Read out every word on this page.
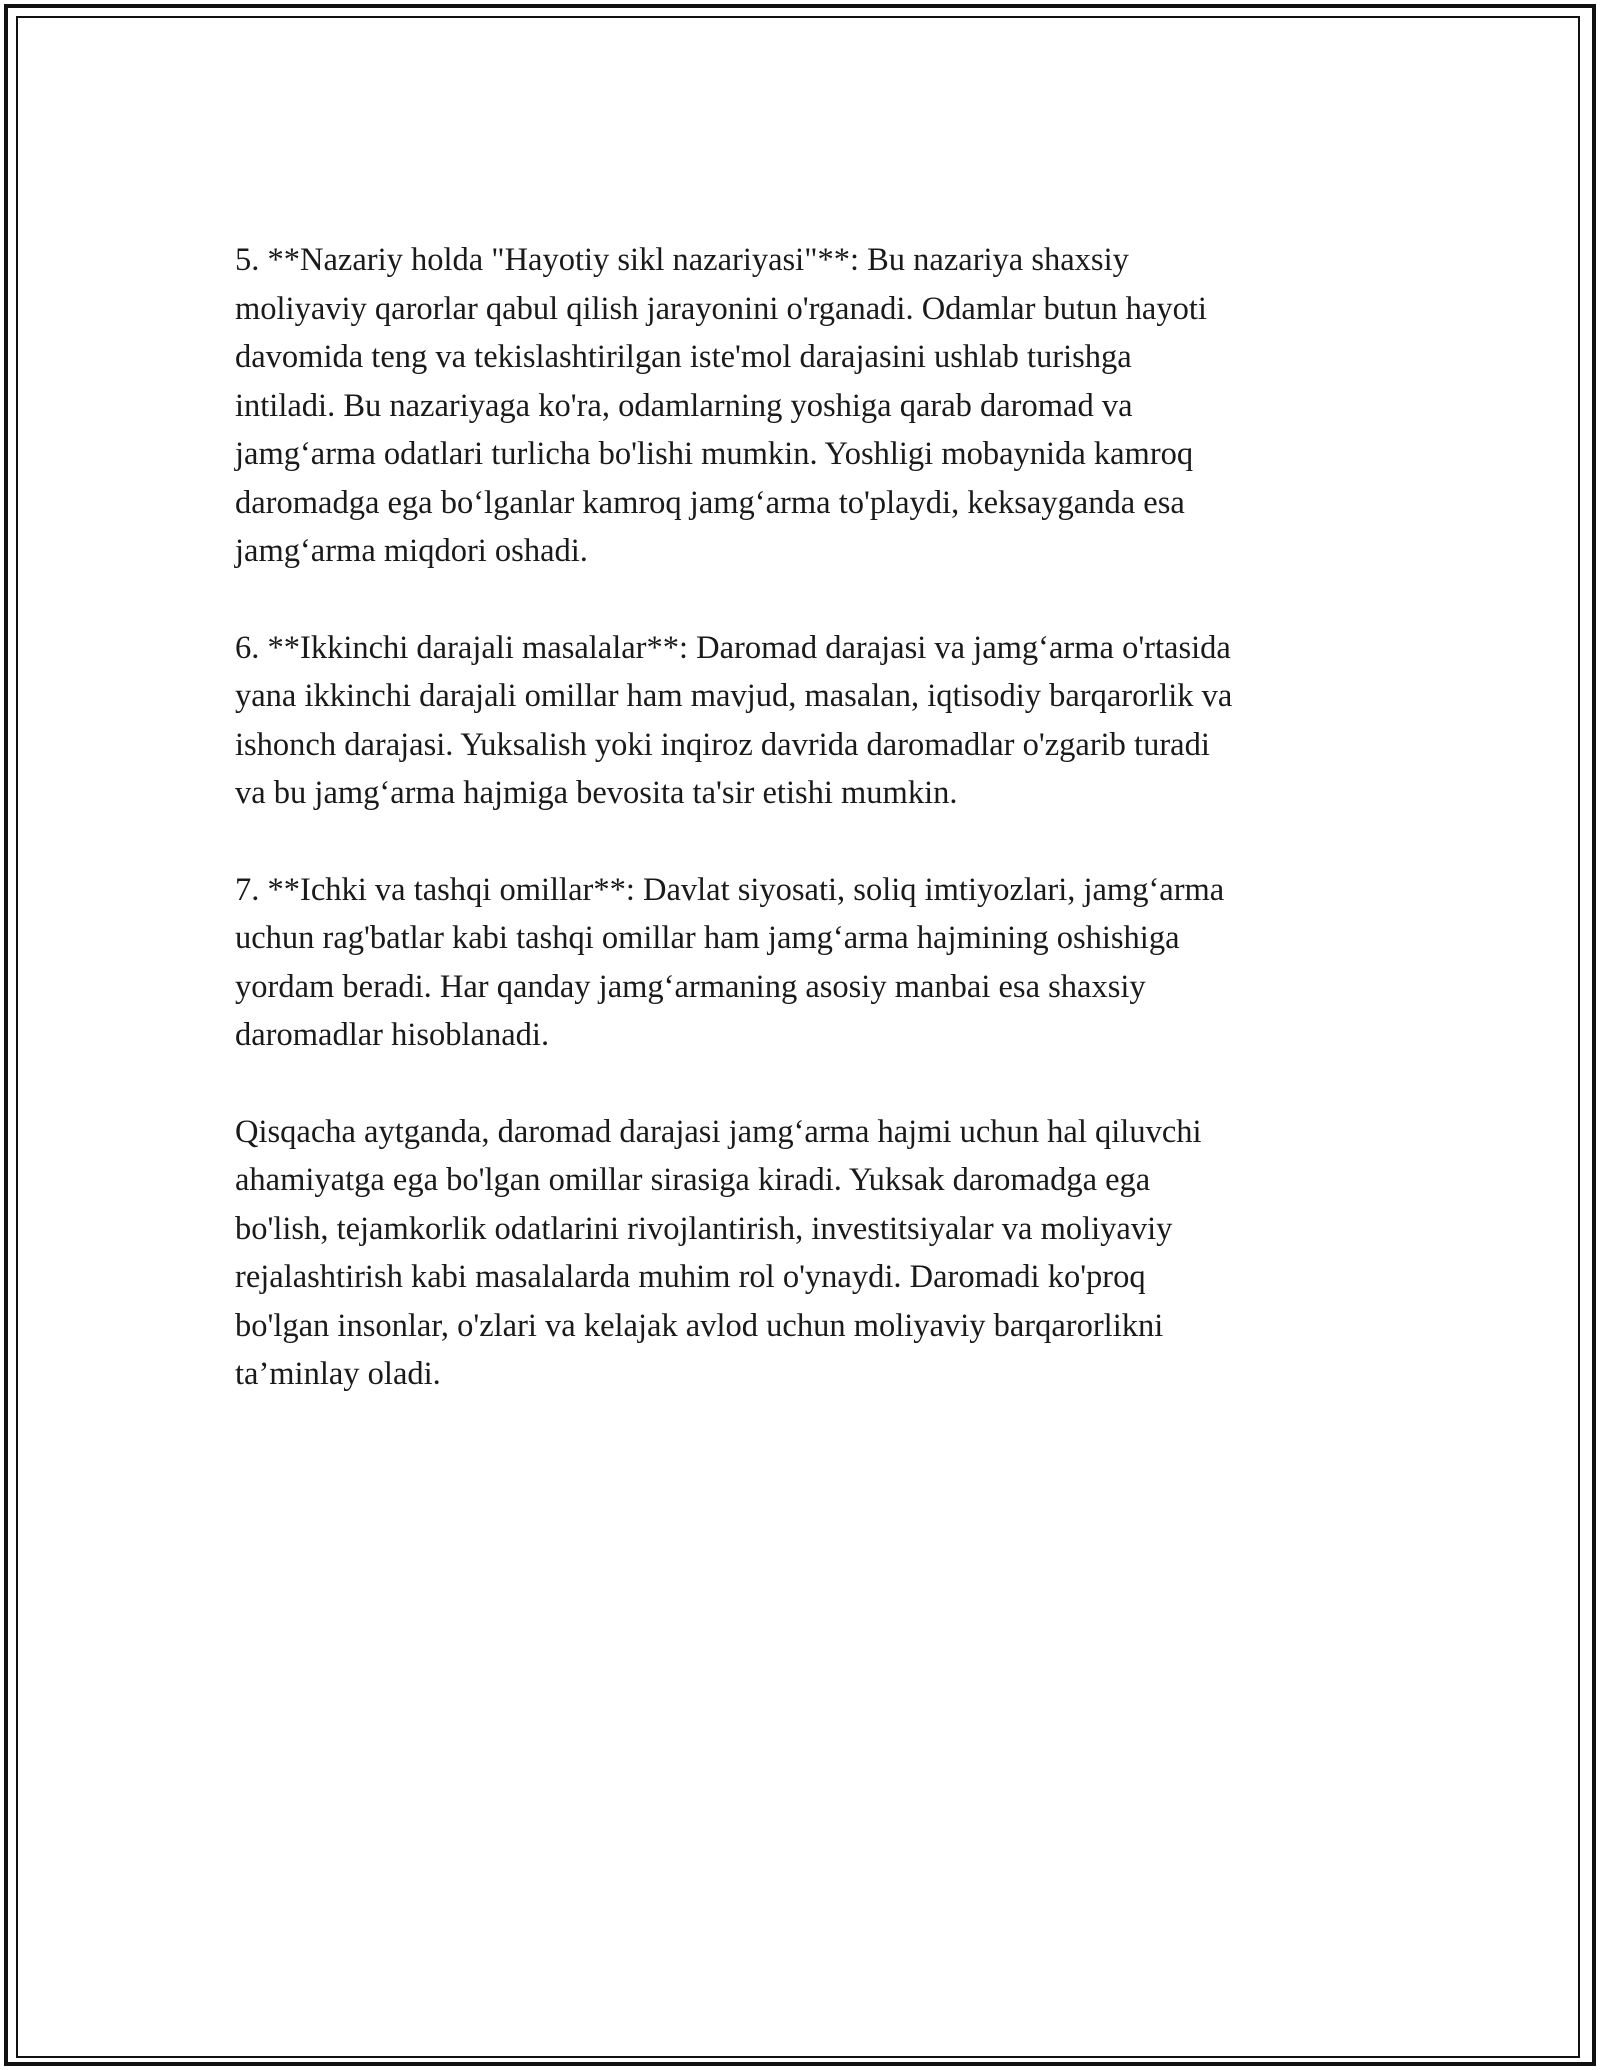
5. **Nazariy holda "Hayotiy sikl nazariyasi"**: Bu nazariya shaxsiy
moliyaviy qarorlar qabul qilish jarayonini o'rganadi. Odamlar butun hayoti
davomida teng va tekislashtirilgan iste'mol darajasini ushlab turishga
intiladi. Bu nazariyaga ko'ra, odamlarning yoshiga qarab daromad va
jamg‘arma odatlari turlicha bo'lishi mumkin. Yoshligi mobaynida kamroq
daromadga ega bo‘lganlar kamroq jamg‘arma to'playdi, keksayganda esa
jamg‘arma miqdori oshadi.

6. **Ikkinchi darajali masalalar**: Daromad darajasi va jamg‘arma o'rtasida
yana ikkinchi darajali omillar ham mavjud, masalan, iqtisodiy barqarorlik va
ishonch darajasi. Yuksalish yoki inqiroz davrida daromadlar o'zgarib turadi
va bu jamg‘arma hajmiga bevosita ta'sir etishi mumkin.

7. **Ichki va tashqi omillar**: Davlat siyosati, soliq imtiyozlari, jamg‘arma
uchun rag'batlar kabi tashqi omillar ham jamg‘arma hajmining oshishiga
yordam beradi. Har qanday jamg‘armaning asosiy manbai esa shaxsiy
daromadlar hisoblanadi.

Qisqacha aytganda, daromad darajasi jamg‘arma hajmi uchun hal qiluvchi
ahamiyatga ega bo'lgan omillar sirasiga kiradi. Yuksak daromadga ega
bo'lish, tejamkorlik odatlarini rivojlantirish, investitsiyalar va moliyaviy
rejalashtirish kabi masalalarda muhim rol o'ynaydi. Daromadi ko'proq
bo'lgan insonlar, o'zlari va kelajak avlod uchun moliyaviy barqarorlikni
ta’minlay oladi.
